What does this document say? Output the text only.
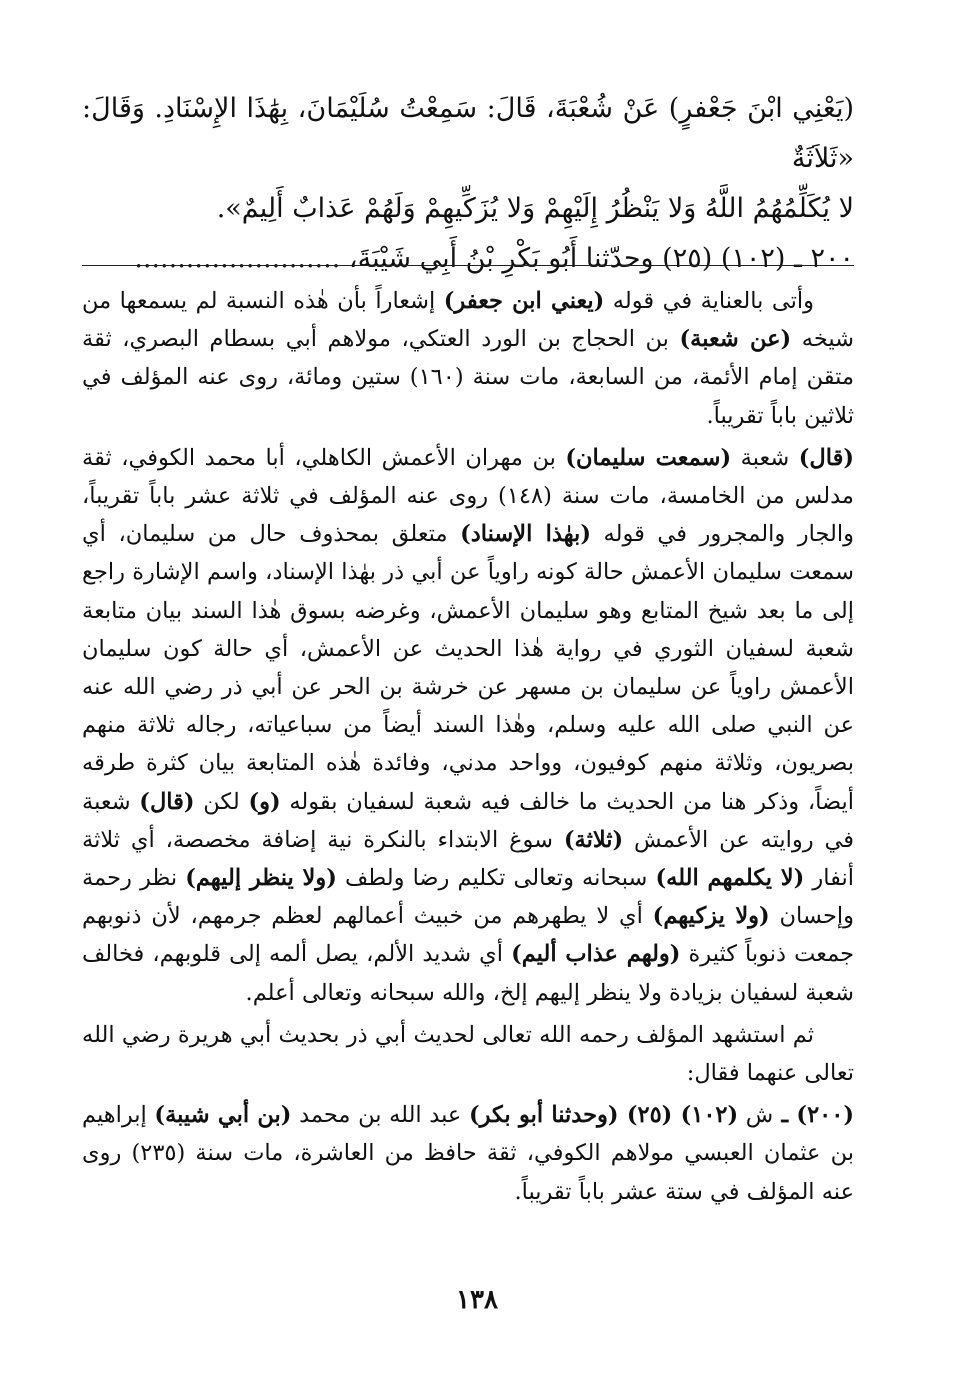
(يَعْنِي ابْنَ جَعْفرٍ) عَنْ شُعْبَةَ، قَالَ: سَمِعْتُ سُلَيْمَانَ، بِهَٰذَا الإِسْنَادِ. وَقَالَ: «ثَلاَثَةٌ
لا يُكَلِّمُهُمُ اللَّهُ وَلا يَنْظُرُ إِلَيْهِمْ وَلا يُزَكِّيهِمْ وَلَهُمْ عَذابٌ أَلِيمٌ».
٢٠٠ ـ (١٠٢) (٢٥) وحدّثنا أَبُو بَكْرِ بْنُ أَبِي شَيْبَةَ، ........................

وأتى بالعناية في قوله (يعني ابن جعفر) إشعاراً بأن هٰذه النسبة لم يسمعها من شيخه (عن شعبة) بن الحجاج بن الورد العتكي، مولاهم أبي بسطام البصري، ثقة متقن إمام الأئمة، من السابعة، مات سنة (١٦٠) ستين ومائة، روى عنه المؤلف في ثلاثين باباً تقريباً.

(قال) شعبة (سمعت سليمان) بن مهران الأعمش الكاهلي، أبا محمد الكوفي، ثقة مدلس من الخامسة، مات سنة (١٤٨) روى عنه المؤلف في ثلاثة عشر باباً تقريباً، والجار والمجرور في قوله (بهٰذا الإسناد) متعلق بمحذوف حال من سليمان، أي سمعت سليمان الأعمش حالة كونه راوياً عن أبي ذر بهٰذا الإسناد، واسم الإشارة راجع إلى ما بعد شيخ المتابع وهو سليمان الأعمش، وغرضه بسوق هٰذا السند بيان متابعة شعبة لسفيان الثوري في رواية هٰذا الحديث عن الأعمش، أي حالة كون سليمان الأعمش راوياً عن سليمان بن مسهر عن خرشة بن الحر عن أبي ذر رضي الله عنه عن النبي صلى الله عليه وسلم، وهٰذا السند أيضاً من سباعياته، رجاله ثلاثة منهم بصريون، وثلاثة منهم كوفيون، وواحد مدني، وفائدة هٰذه المتابعة بيان كثرة طرقه أيضاً، وذكر هنا من الحديث ما خالف فيه شعبة لسفيان بقوله (و) لكن (قال) شعبة في روايته عن الأعمش (ثلاثة) سوغ الابتداء بالنكرة نية إضافة مخصصة، أي ثلاثة أنفار (لا يكلمهم الله) سبحانه وتعالى تكليم رضا ولطف (ولا ينظر إليهم) نظر رحمة وإحسان (ولا يزكيهم) أي لا يطهرهم من خبيث أعمالهم لعظم جرمهم، لأن ذنوبهم جمعت ذنوباً كثيرة (ولهم عذاب أليم) أي شديد الألم، يصل ألمه إلى قلوبهم، فخالف شعبة لسفيان بزيادة ولا ينظر إليهم إلخ، والله سبحانه وتعالى أعلم.

ثم استشهد المؤلف رحمه الله تعالى لحديث أبي ذر بحديث أبي هريرة رضي الله تعالى عنهما فقال:

(٢٠٠) ـ ش (١٠٢) (٢٥) (وحدثنا أبو بكر) عبد الله بن محمد (بن أبي شيبة) إبراهيم بن عثمان العبسي مولاهم الكوفي، ثقة حافظ من العاشرة، مات سنة (٢٣٥) روى عنه المؤلف في ستة عشر باباً تقريباً.

١٣٨
